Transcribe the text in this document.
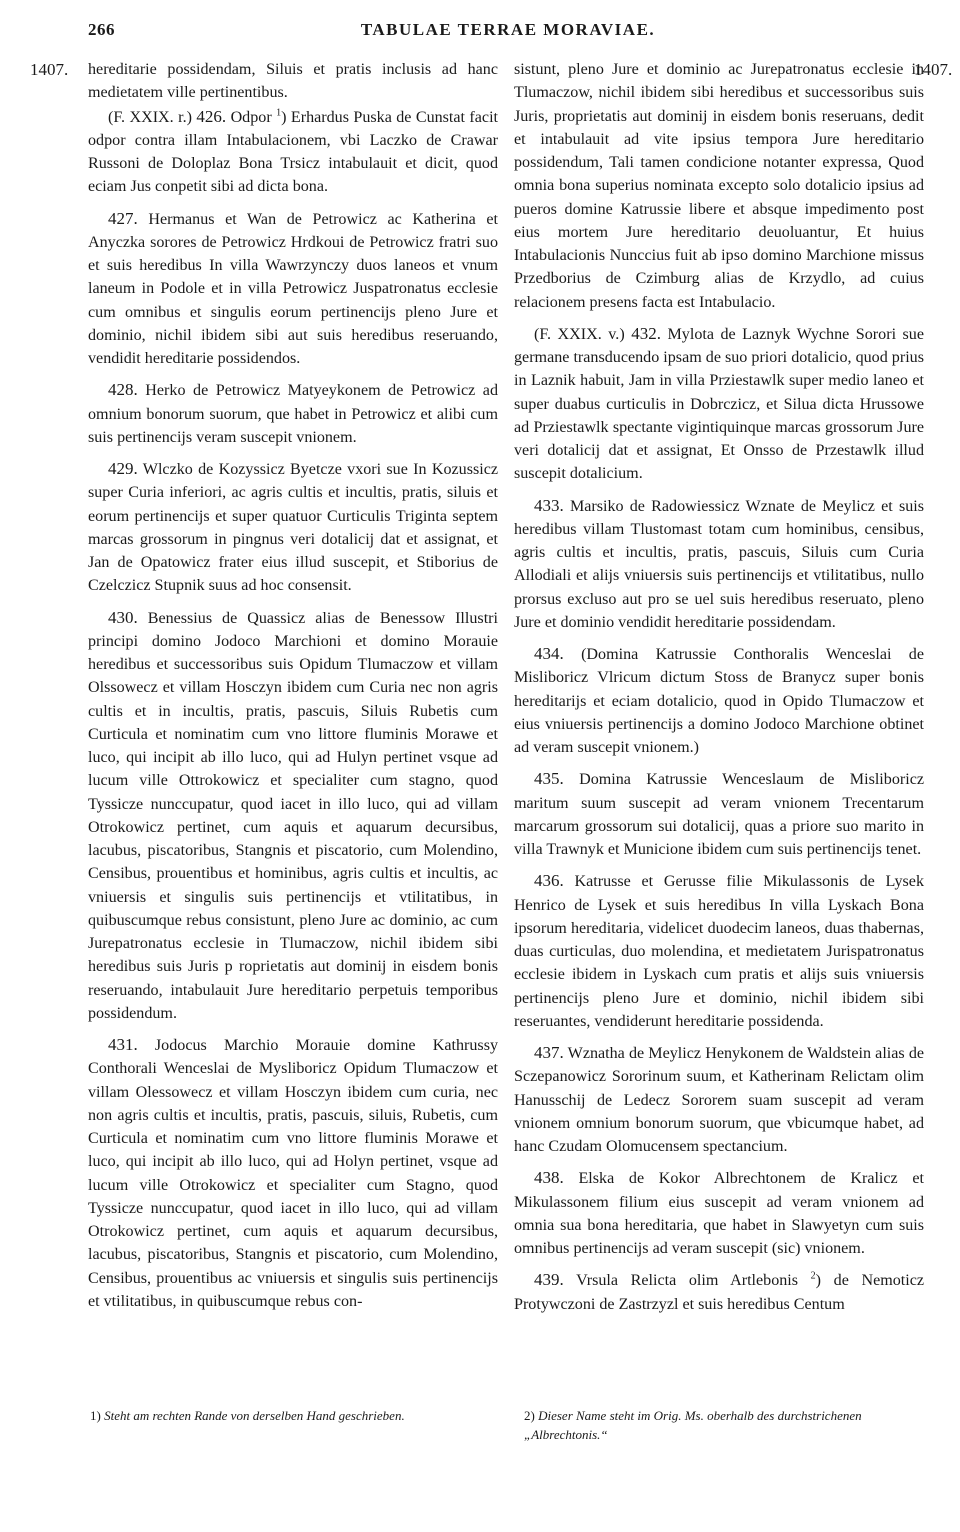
266	TABULAE TERRAE MORAVIAE.
1407.	1407.

hereditarie possidendam, Siluis et pratis inclusis ad hanc medietatem ville pertinentibus.

(F. XXIX. r.) 426. Odpor $^1$) Erhardus Puska de Cunstat facit odpor contra illam Intabulacionem, vbi Laczko de Crawar Russoni de Doloplaz Bona Trsicz intabulauit et dicit, quod eciam Jus conpetit sibi ad dicta bona.

427. Hermanus et Wan de Petrowicz ac Katherina et Anyczka sorores de Petrowicz Hrdkoui de Petrowicz fratri suo et suis heredibus In villa Wawrzynczy duos laneos et vnum laneum in Podole et in villa Petrowicz Juspatronatus ecclesie cum omnibus et singulis eorum pertinencijs pleno Jure et dominio, nichil ibidem sibi aut suis heredibus reseruando, vendidit hereditarie possidendos.

428. Herko de Petrowicz Matyeykonem de Petrowicz ad omnium bonorum suorum, que habet in Petrowicz et alibi cum suis pertinencijs veram suscepit vnionem.

429. Wlczko de Kozyssicz Byetcze vxori sue In Kozussicz super Curia inferiori, ac agris cultis et incultis, pratis, siluis et eorum pertinencijs et super quatuor Curticulis Triginta septem marcas grossorum in pingnus veri dotalicij dat et assignat, et Jan de Opatowicz frater eius illud suscepit, et Stiborius de Czelczicz Stupnik suus ad hoc consensit.

430. Benessius de Quassicz alias de Benessow Illustri principi domino Jodoco Marchioni et domino Morauie heredibus et successoribus suis Opidum Tlumaczow et villam Olssowecz et villam Hosczyn ibidem cum Curia nec non agris cultis et in incultis, pratis, pascuis, Siluis Rubetis cum Curticula et nominatim cum vno littore fluminis Morawe et luco, qui incipit ab illo luco, qui ad Hulyn pertinet vsque ad lucum ville Ottrokowicz et specialiter cum stagno, quod Tyssicze nunccupatur, quod iacet in illo luco, qui ad villam Otrokowicz pertinet, cum aquis et aquarum decursibus, lacubus, piscatoribus, Stangnis et piscatorio, cum Molendino, Censibus, prouentibus et hominibus, agris cultis et incultis, ac vniuersis et singulis suis pertinencijs et vtilitatibus, in quibuscumque rebus consistunt, pleno Jure ac dominio, ac cum Jurepatronatus ecclesie in Tlumaczow, nichil ibidem sibi heredibus suis Juris p roprietatis aut dominij in eisdem bonis reseruando, intabulauit Jure hereditario perpetuis temporibus possidendum.

431. Jodocus Marchio Morauie domine Kathrussy Conthorali Wenceslai de Mysliboricz Opidum Tlumaczow et villam Olessowecz et villam Hosczyn ibidem cum curia, nec non agris cultis et incultis, pratis, pascuis, siluis, Rubetis, cum Curticula et nominatim cum vno littore fluminis Morawe et luco, qui incipit ab illo luco, qui ad Holyn pertinet, vsque ad lucum ville Otrokowicz et specialiter cum Stagno, quod Tyssicze nunccupatur, quod iacet in illo luco, qui ad villam Otrokowicz pertinet, cum aquis et aquarum decursibus, lacubus, piscatoribus, Stangnis et piscatorio, cum Molendino, Censibus, prouentibus ac vniuersis et singulis suis pertinencijs et vtilitatibus, in quibuscumque rebus con-

sistunt, pleno Jure et dominio ac Jurepatronatus ecclesie in Tlumaczow, nichil ibidem sibi heredibus et successoribus suis Juris, proprietatis aut dominij in eisdem bonis reseruans, dedit et intabulauit ad vite ipsius tempora Jure hereditario possidendum, Tali tamen condicione notanter expressa, Quod omnia bona superius nominata excepto solo dotalicio ipsius ad pueros domine Katrussie libere et absque impedimento post eius mortem Jure hereditario deuoluantur, Et huius Intabulacionis Nunccius fuit ab ipso domino Marchione missus Przedborius de Czimburg alias de Krzydlo, ad cuius relacionem presens facta est Intabulacio.

(F. XXIX. v.) 432. Mylota de Laznyk Wychne Sorori sue germane transducendo ipsam de suo priori dotalicio, quod prius in Laznik habuit, Jam in villa Prziestawlk super medio laneo et super duabus curticulis in Dobrczicz, et Silua dicta Hrussowe ad Prziestawlk spectante vigintiquinque marcas grossorum Jure veri dotalicij dat et assignat, Et Onsso de Przestawlk illud suscepit dotalicium.

433. Marsiko de Radowiessicz Wznate de Meylicz et suis heredibus villam Tlustomast totam cum hominibus, censibus, agris cultis et incultis, pratis, pascuis, Siluis cum Curia Allodiali et alijs vniuersis suis pertinencijs et vtilitatibus, nullo prorsus excluso aut pro se uel suis heredibus reseruato, pleno Jure et dominio vendidit hereditarie possidendam.

434. (Domina Katrussie Conthoralis Wenceslai de Misliboricz Vlricum dictum Stoss de Branycz super bonis hereditarijs et eciam dotalicio, quod in Opido Tlumaczow et eius vniuersis pertinencijs a domino Jodoco Marchione obtinet ad veram suscepit vnionem.)

435. Domina Katrussie Wenceslaum de Misliboricz maritum suum suscepit ad veram vnionem Trecentarum marcarum grossorum sui dotalicij, quas a priore suo marito in villa Trawnyk et Municione ibidem cum suis pertinencijs tenet.

436. Katrusse et Gerusse filie Mikulassonis de Lysek Henrico de Lysek et suis heredibus In villa Lyskach Bona ipsorum hereditaria, videlicet duodecim laneos, duas thabernas, duas curticulas, duo molendina, et medietatem Jurispatronatus ecclesie ibidem in Lyskach cum pratis et alijs suis vniuersis pertinencijs pleno Jure et dominio, nichil ibidem sibi reseruantes, vendiderunt hereditarie possidenda.

437. Wznatha de Meylicz Henykonem de Waldstein alias de Sczepanowicz Sororinum suum, et Katherinam Relictam olim Hanusschij de Ledecz Sororem suam suscepit ad veram vnionem omnium bonorum suorum, que vbicumque habet, ad hanc Czudam Olomucensem spectancium.

438. Elska de Kokor Albrechtonem de Kralicz et Mikulassonem filium eius suscepit ad veram vnionem ad omnia sua bona hereditaria, que habet in Slawyetyn cum suis omnibus pertinencijs ad veram suscepit (sic) vnionem.

439. Vrsula Relicta olim Artlebonis $^2$) de Nemoticz Protywczoni de Zastrzyzl et suis heredibus Centum

1) Steht am rechten Rande von derselben Hand geschrieben.	2) Dieser Name steht im Orig. Ms. oberhalb des durchstrichenen „Albrechtonis.“
